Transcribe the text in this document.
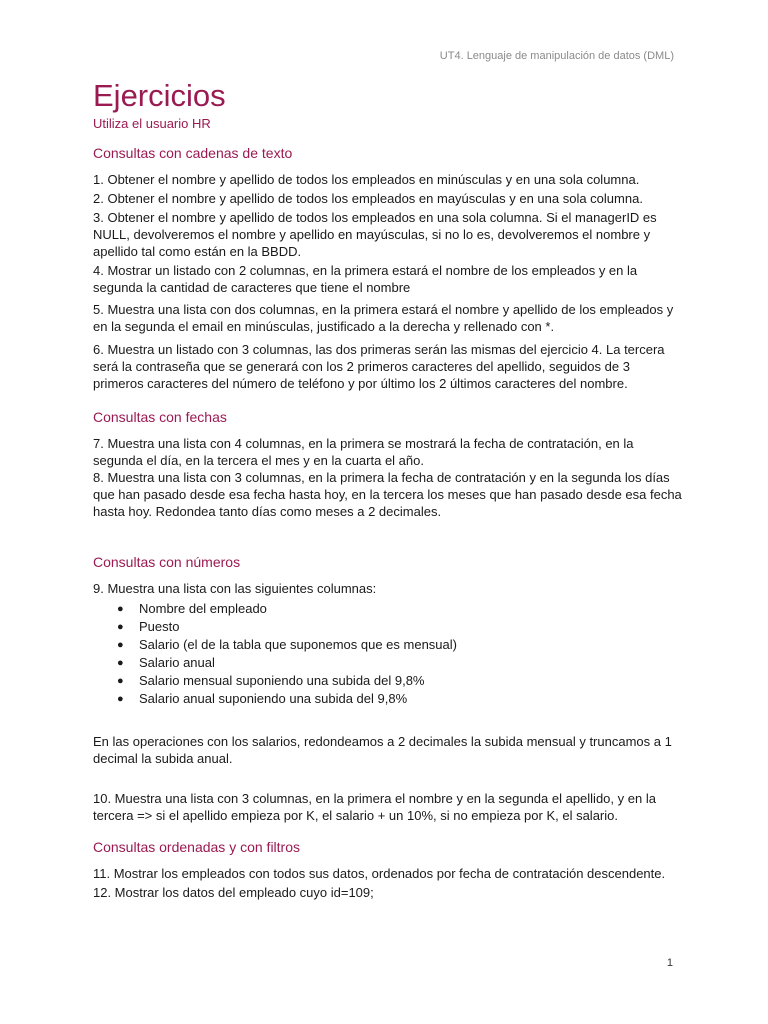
UT4. Lenguaje de manipulación de datos (DML)
Ejercicios
Utiliza el usuario HR
Consultas con cadenas de texto

1. Obtener el nombre y apellido de todos los empleados en minúsculas y en una sola columna.

2. Obtener el nombre y apellido de todos los empleados en mayúsculas y en una sola columna.

3. Obtener el nombre y apellido de todos los empleados en una sola columna. Si el managerID es NULL, devolveremos el nombre y apellido en mayúsculas, si no lo es, devolveremos el nombre y apellido tal como están en la BBDD.

4. Mostrar un listado con 2 columnas, en la primera estará el nombre de los empleados y en la segunda la cantidad de caracteres que tiene el nombre

5. Muestra una lista con dos columnas, en la primera estará el nombre y apellido de los empleados y en la segunda el email en minúsculas, justificado a la derecha y rellenado con *.

6. Muestra un listado con 3 columnas, las dos primeras serán las mismas del ejercicio 4. La tercera será la contraseña que se generará con los 2 primeros caracteres del apellido, seguidos de 3 primeros caracteres del número de teléfono y por último los 2 últimos caracteres del nombre.

Consultas con fechas

7. Muestra una lista con 4 columnas, en la primera se mostrará la fecha de contratación, en la segunda el día, en la tercera el mes y en la cuarta el año.

8. Muestra una lista con 3 columnas, en la primera la fecha de contratación y en la segunda los días que han pasado desde esa fecha hasta hoy, en la tercera los meses que han pasado desde esa fecha hasta hoy. Redondea tanto días como meses a 2 decimales.

Consultas con números

9. Muestra una lista con las siguientes columnas:

● Nombre del empleado
● Puesto
● Salario (el de la tabla que suponemos que es mensual)
● Salario anual
● Salario mensual suponiendo una subida del 9,8%
● Salario anual suponiendo una subida del 9,8%

En las operaciones con los salarios, redondeamos a 2 decimales la subida mensual y truncamos a 1 decimal la subida anual.

10. Muestra una lista con 3 columnas, en la primera el nombre y en la segunda el apellido, y en la tercera => si el apellido empieza por K, el salario + un 10%, si no empieza por K, el salario.

Consultas ordenadas y con filtros

11. Mostrar los empleados con todos sus datos, ordenados por fecha de contratación descendente.

12. Mostrar los datos del empleado cuyo id=109;

1
